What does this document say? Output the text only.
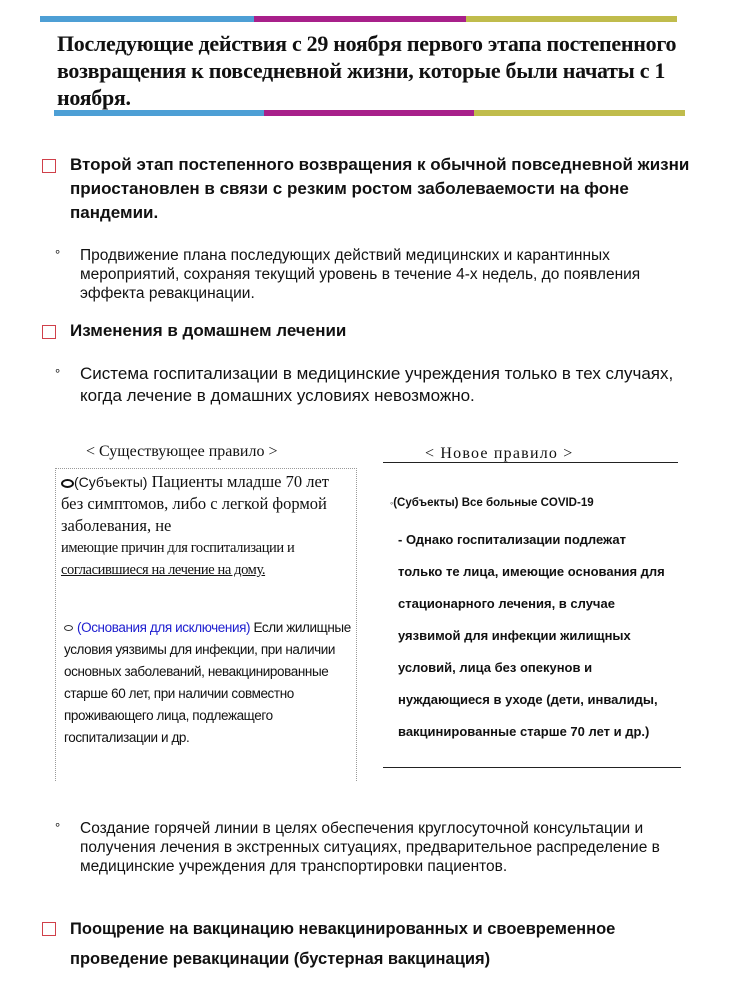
Последующие действия с 29 ноября первого этапа постепенного возвращения к повседневной жизни, которые были начаты с 1 ноября.
Второй этап постепенного возвращения к обычной повседневной жизни приостановлен в связи с резким ростом заболеваемости на фоне пандемии.
° Продвижение плана последующих действий медицинских и карантинных мероприятий, сохраняя текущий уровень в течение 4-х недель, до появления эффекта ревакцинации.
Изменения в домашнем лечении
° Система госпитализации в медицинские учреждения только в тех случаях, когда лечение в домашних условиях невозможно.
< Существующее правило >
(Субъекты) Пациенты младше 70 лет без симптомов, либо с легкой формой заболевания, не
имеющие причин для госпитализации и
согласившиеся на лечение на дому.
(Основания для исключения) Если жилищные условия уязвимы для инфекции, при наличии основных заболеваний, невакцинированные старше 60 лет, при наличии совместно проживающего лица, подлежащего госпитализации и др.
< Новое правило >
◦(Субъекты) Все больные COVID-19
- Однако госпитализации подлежат
только те лица, имеющие основания для
стационарного лечения, в случае
уязвимой для инфекции жилищных
условий, лица без опекунов и
нуждающиеся в уходе (дети, инвалиды,
вакцинированные старше 70 лет и др.)
° Создание горячей линии в целях обеспечения круглосуточной консультации и получения лечения в экстренных ситуациях, предварительное распределение в медицинские учреждения для транспортировки пациентов.
Поощрение на вакцинацию невакцинированных и своевременное проведение ревакцинации (бустерная вакцинация)
